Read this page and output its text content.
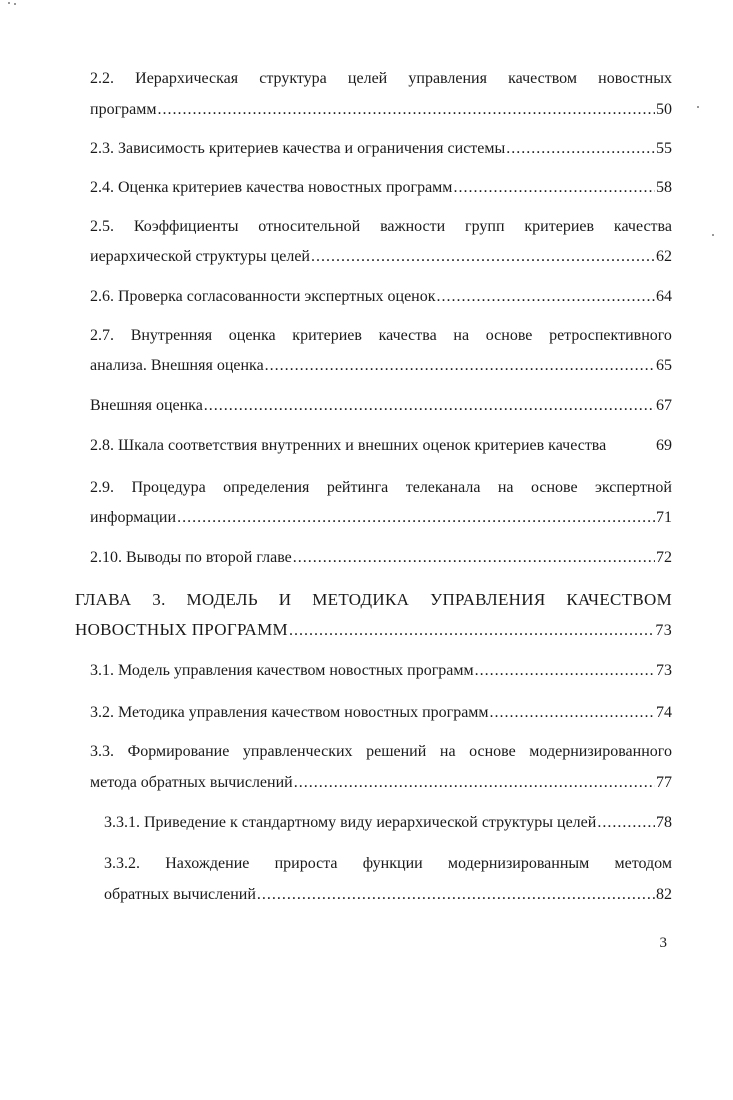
2.2. Иерархическая структура целей управления качеством новостных
программ .....	50
2.3. Зависимость критериев качества и ограничения системы .....	55
2.4. Оценка критериев качества новостных программ .....	58
2.5. Коэффициенты относительной важности групп критериев качества
иерархической структуры целей .....	62
2.6. Проверка согласованности экспертных оценок .....	64
2.7. Внутренняя оценка критериев качества на основе ретроспективного
анализа. Внешняя оценка .....	65
Внешняя оценка .....	67
2.8. Шкала соответствия внутренних и внешних оценок критериев качества	69
2.9. Процедура определения рейтинга телеканала на основе экспертной
информации .....	71
2.10. Выводы по второй главе .....	72
ГЛАВА 3. МОДЕЛЬ И МЕТОДИКА УПРАВЛЕНИЯ КАЧЕСТВОМ
НОВОСТНЫХ ПРОГРАММ .....	73
3.1. Модель управления качеством новостных программ .....	73
3.2. Методика управления качеством новостных программ .....	74
3.3. Формирование управленческих решений на основе модернизированного
метода обратных вычислений .....	77
3.3.1. Приведение к стандартному виду иерархической структуры целей .....	78
3.3.2. Нахождение прироста функции модернизированным методом
обратных вычислений .....	82
3
